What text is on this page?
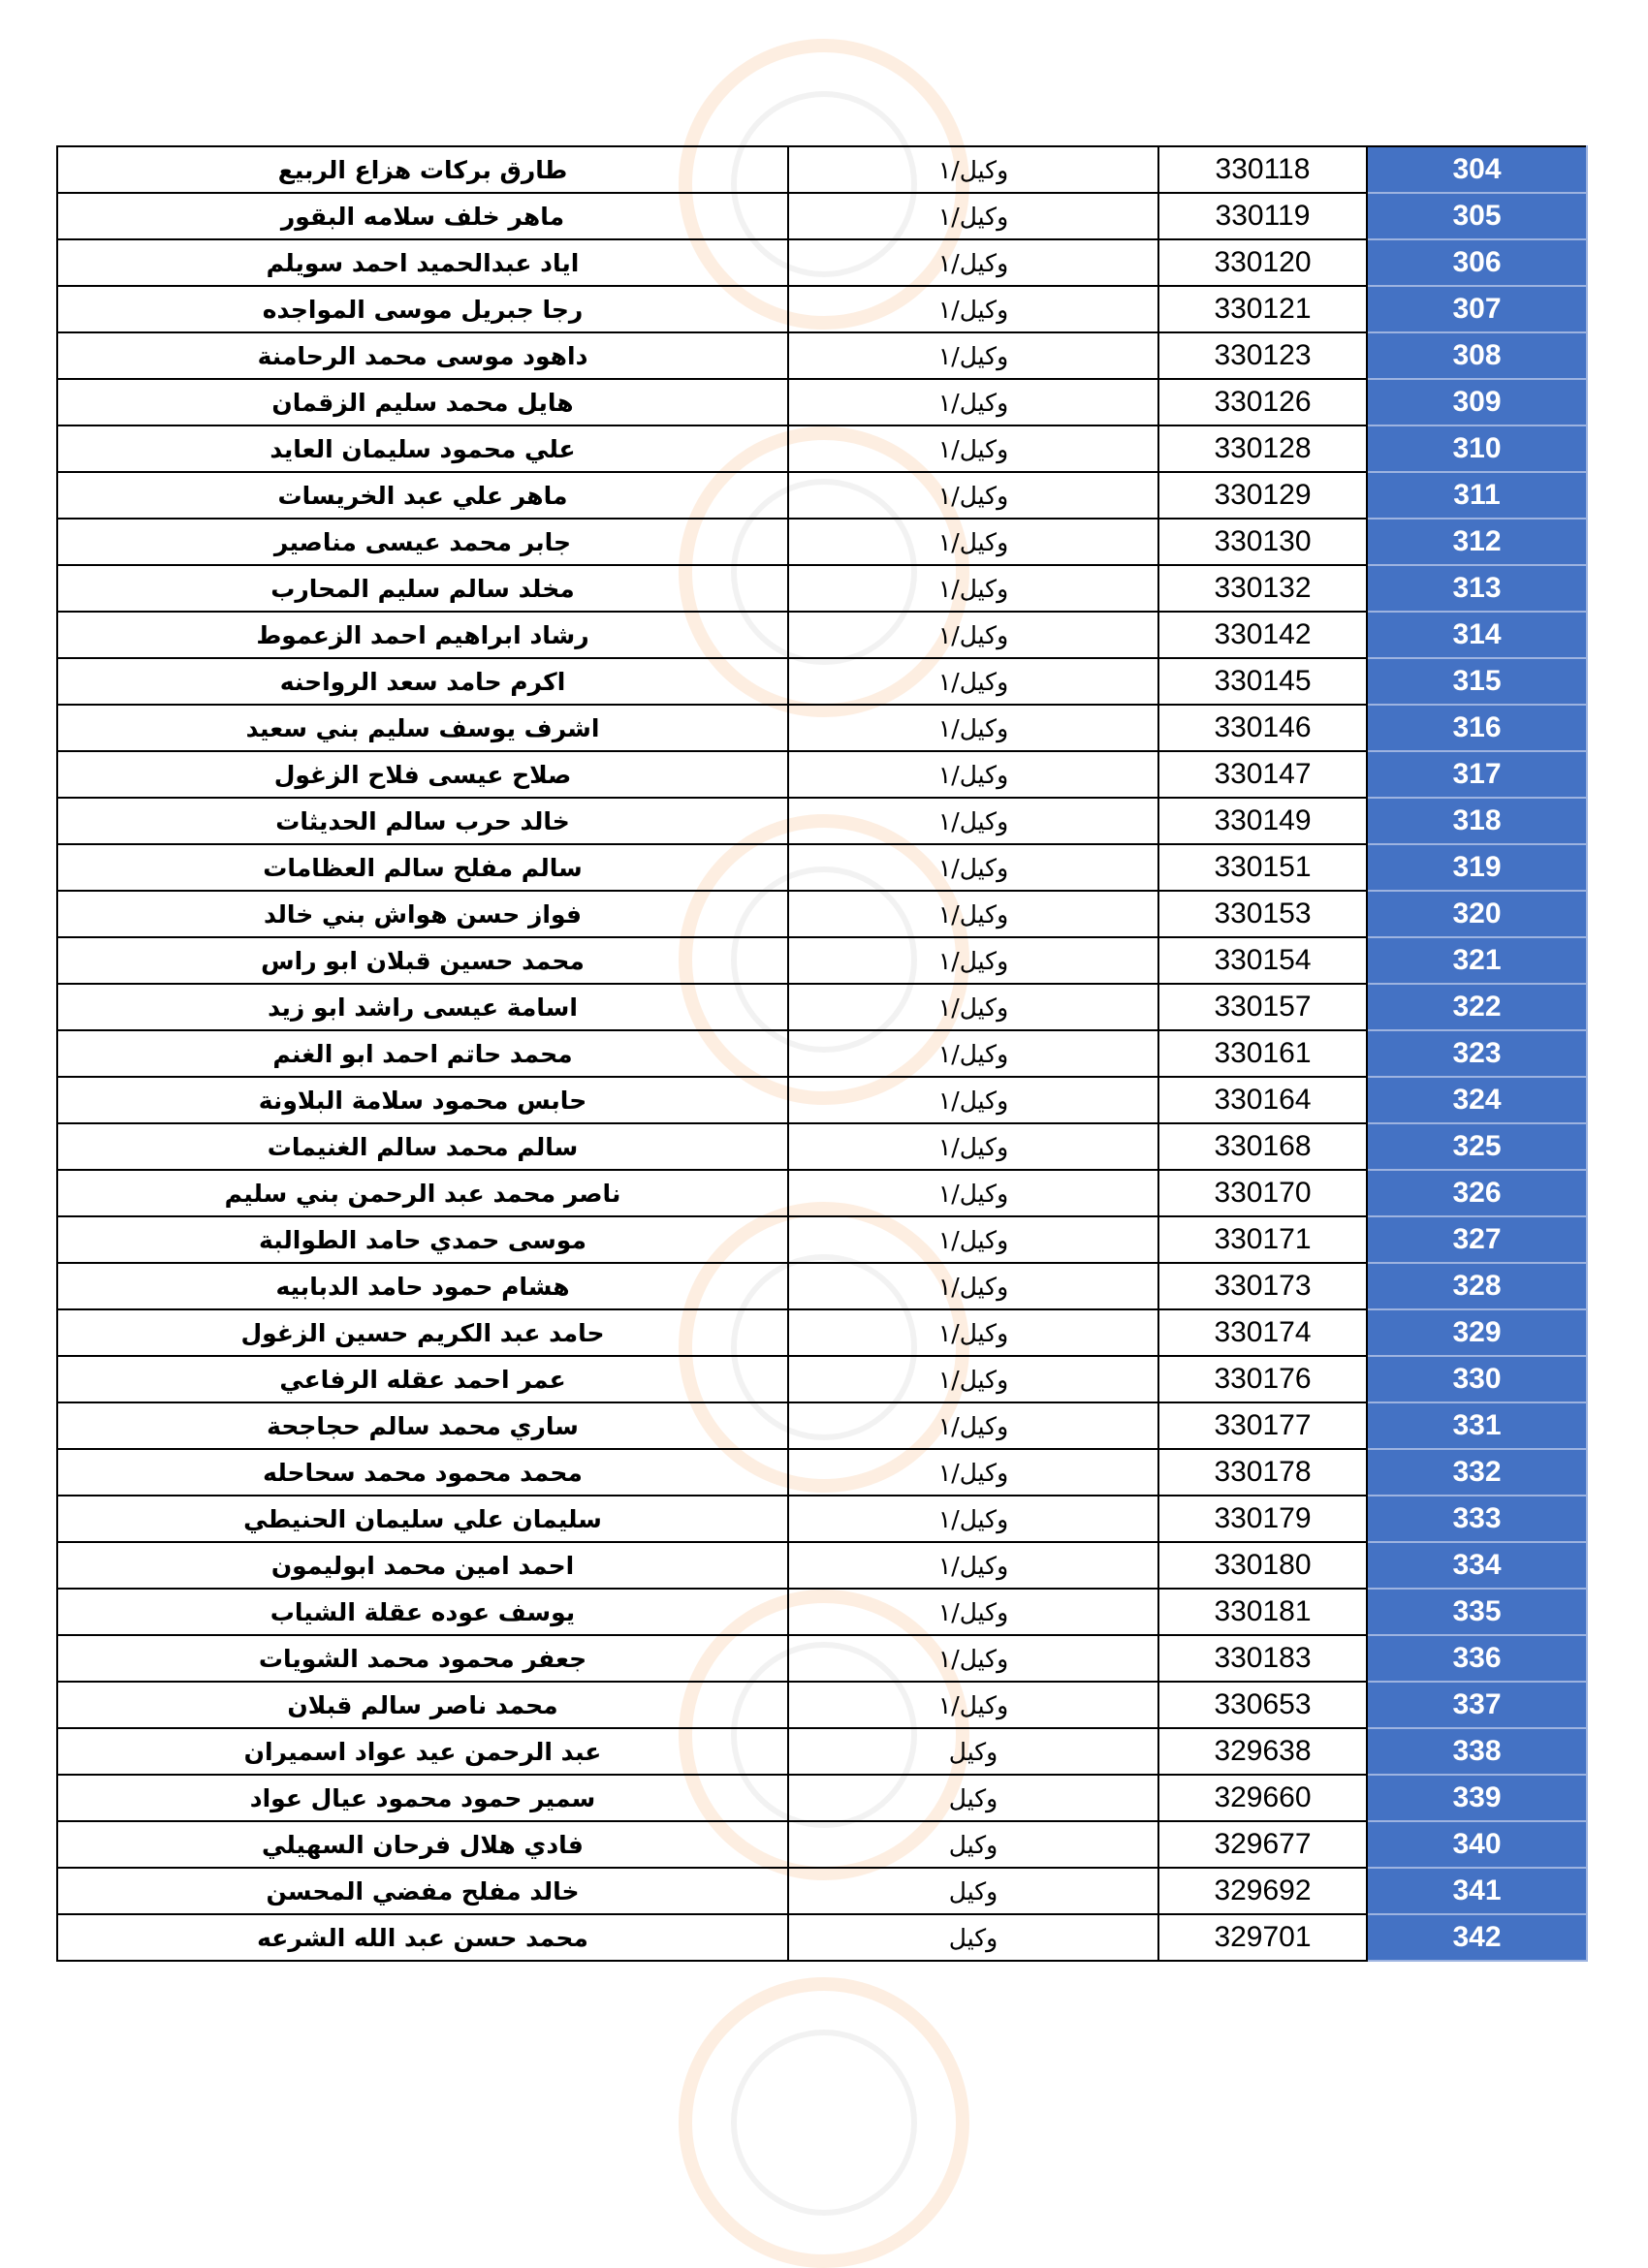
طارق بركات هزاع الربيع	وكيل/١	330118	304
ماهر خلف سلامه البقور	وكيل/١	330119	305
اياد عبدالحميد احمد سويلم	وكيل/١	330120	306
رجا جبريل موسى المواجده	وكيل/١	330121	307
داهود موسى محمد الرحامنة	وكيل/١	330123	308
هايل محمد سليم الزقمان	وكيل/١	330126	309
علي محمود سليمان العايد	وكيل/١	330128	310
ماهر علي عبد الخريسات	وكيل/١	330129	311
جابر محمد عيسى مناصير	وكيل/١	330130	312
مخلد سالم سليم المحارب	وكيل/١	330132	313
رشاد ابراهيم احمد الزعموط	وكيل/١	330142	314
اكرم حامد سعد الرواحنه	وكيل/١	330145	315
اشرف يوسف سليم بني سعيد	وكيل/١	330146	316
صلاح عيسى فلاح الزغول	وكيل/١	330147	317
خالد حرب سالم الحديثات	وكيل/١	330149	318
سالم مفلح سالم العظامات	وكيل/١	330151	319
فواز حسن هواش بني خالد	وكيل/١	330153	320
محمد حسين قبلان ابو راس	وكيل/١	330154	321
اسامة عيسى راشد ابو زيد	وكيل/١	330157	322
محمد حاتم احمد ابو الغنم	وكيل/١	330161	323
حابس محمود سلامة البلاونة	وكيل/١	330164	324
سالم محمد سالم الغنيمات	وكيل/١	330168	325
ناصر محمد عبد الرحمن بني سليم	وكيل/١	330170	326
موسى حمدي حامد الطوالبة	وكيل/١	330171	327
هشام حمود حامد الدبابيه	وكيل/١	330173	328
حامد عبد الكريم حسين الزغول	وكيل/١	330174	329
عمر احمد عقله الرفاعي	وكيل/١	330176	330
ساري محمد سالم حجاجحة	وكيل/١	330177	331
محمد محمود محمد سحاحله	وكيل/١	330178	332
سليمان علي سليمان الحنيطي	وكيل/١	330179	333
احمد امين محمد ابوليمون	وكيل/١	330180	334
يوسف عوده عقلة الشياب	وكيل/١	330181	335
جعفر محمود محمد الشويات	وكيل/١	330183	336
محمد ناصر سالم قبلان	وكيل/١	330653	337
عبد الرحمن عيد عواد اسميران	وكيل	329638	338
سمير حمود محمود عيال عواد	وكيل	329660	339
فادي هلال فرحان السهيلي	وكيل	329677	340
خالد مفلح مفضي المحسن	وكيل	329692	341
محمد حسن عبد الله الشرعه	وكيل	329701	342
